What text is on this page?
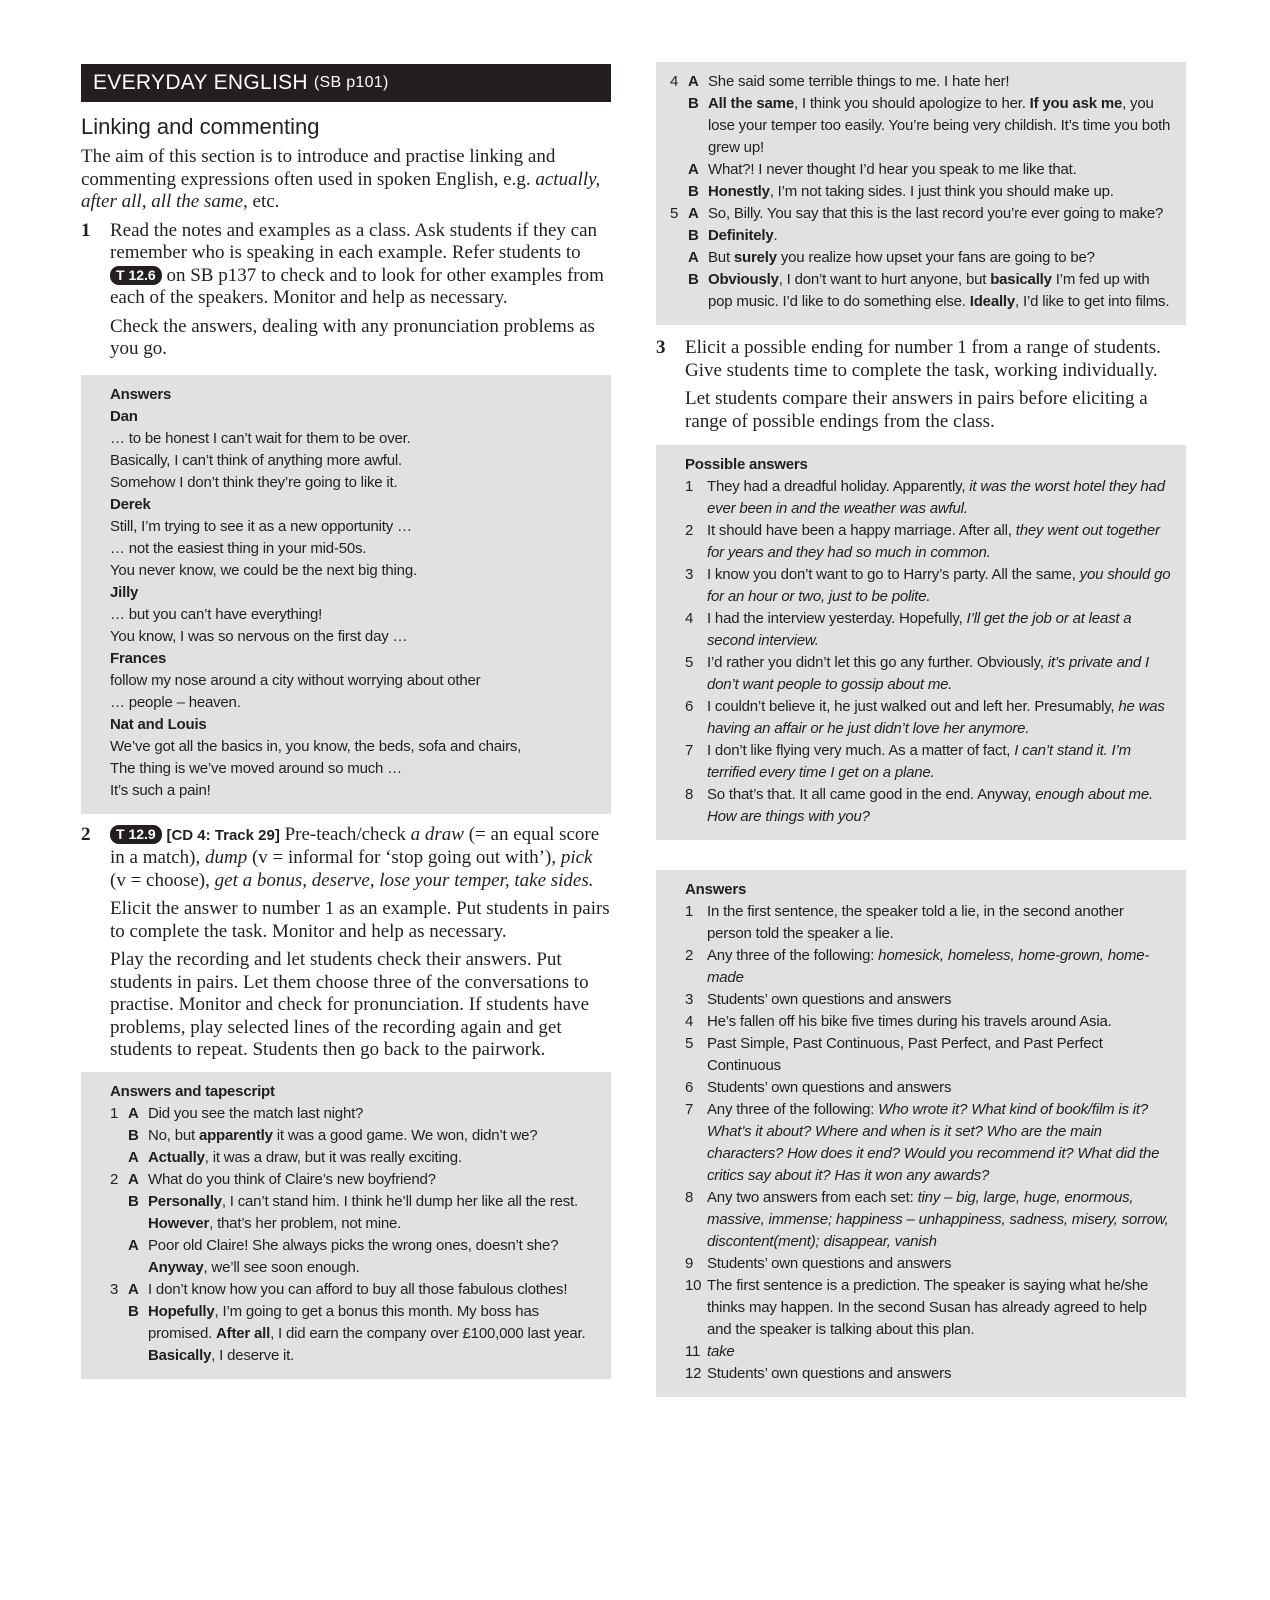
EVERYDAY ENGLISH (SB p101)
Linking and commenting

The aim of this section is to introduce and practise linking and commenting expressions often used in spoken English, e.g. actually, after all, all the same, etc.

1	Read the notes and examples as a class. Ask students if they can remember who is speaking in each example. Refer students to T 12.6 on SB p137 to check and to look for other examples from each of the speakers. Monitor and help as necessary.

Check the answers, dealing with any pronunciation problems as you go.

Answers
Dan
… to be honest I can’t wait for them to be over.
Basically, I can’t think of anything more awful.
Somehow I don’t think they’re going to like it.
Derek
Still, I’m trying to see it as a new opportunity …
… not the easiest thing in your mid-50s.
You never know, we could be the next big thing.
Jilly
… but you can’t have everything!
You know, I was so nervous on the first day …
Frances
follow my nose around a city without worrying about other
… people – heaven.
Nat and Louis
We’ve got all the basics in, you know, the beds, sofa and chairs,
The thing is we’ve moved around so much …
It’s such a pain!
2	T 12.9 [CD 4: Track 29] Pre-teach/check a draw (= an equal score in a match), dump (v = informal for ‘stop going out with’), pick (v = choose), get a bonus, deserve, lose your temper, take sides.

Elicit the answer to number 1 as an example. Put students in pairs to complete the task. Monitor and help as necessary.

Play the recording and let students check their answers. Put students in pairs. Let them choose three of the conversations to practise. Monitor and check for pronunciation. If students have problems, play selected lines of the recording again and get students to repeat. Students then go back to the pairwork.

Answers and tapescript
1 A Did you see the match last night?
B No, but apparently it was a good game. We won, didn’t we?
A Actually, it was a draw, but it was really exciting.
2 A What do you think of Claire’s new boyfriend?
B Personally, I can’t stand him. I think he’ll dump her like all the rest. However, that’s her problem, not mine.
A Poor old Claire! She always picks the wrong ones, doesn’t she? Anyway, we’ll see soon enough.
3 A I don’t know how you can afford to buy all those fabulous clothes!
B Hopefully, I’m going to get a bonus this month. My boss has promised. After all, I did earn the company over £100,000 last year. Basically, I deserve it.
4 A She said some terrible things to me. I hate her!
B All the same, I think you should apologize to her. If you ask me, you lose your temper too easily. You’re being very childish. It’s time you both grew up!
A What?! I never thought I’d hear you speak to me like that.
B Honestly, I’m not taking sides. I just think you should make up.
5 A So, Billy. You say that this is the last record you’re ever going to make?
B Definitely.
A But surely you realize how upset your fans are going to be?
B Obviously, I don’t want to hurt anyone, but basically I’m fed up with pop music. I’d like to do something else. Ideally, I’d like to get into films.
3	Elicit a possible ending for number 1 from a range of students. Give students time to complete the task, working individually.

Let students compare their answers in pairs before eliciting a range of possible endings from the class.

Possible answers
1 They had a dreadful holiday. Apparently, it was the worst hotel they had ever been in and the weather was awful.
2 It should have been a happy marriage. After all, they went out together for years and they had so much in common.
3 I know you don’t want to go to Harry’s party. All the same, you should go for an hour or two, just to be polite.
4 I had the interview yesterday. Hopefully, I’ll get the job or at least a second interview.
5 I’d rather you didn’t let this go any further. Obviously, it’s private and I don’t want people to gossip about me.
6 I couldn’t believe it, he just walked out and left her. Presumably, he was having an affair or he just didn’t love her anymore.
7 I don’t like flying very much. As a matter of fact, I can’t stand it. I’m terrified every time I get on a plane.
8 So that’s that. It all came good in the end. Anyway, enough about me. How are things with you?
Answers
1 In the first sentence, the speaker told a lie, in the second another person told the speaker a lie.
2 Any three of the following: homesick, homeless, home-grown, home-made
3 Students’ own questions and answers
4 He’s fallen off his bike five times during his travels around Asia.
5 Past Simple, Past Continuous, Past Perfect, and Past Perfect Continuous
6 Students’ own questions and answers
7 Any three of the following: Who wrote it? What kind of book/film is it? What’s it about? Where and when is it set? Who are the main characters? How does it end? Would you recommend it? What did the critics say about it? Has it won any awards?
8 Any two answers from each set: tiny – big, large, huge, enormous, massive, immense; happiness – unhappiness, sadness, misery, sorrow, discontent(ment); disappear, vanish
9 Students’ own questions and answers
10 The first sentence is a prediction. The speaker is saying what he/she thinks may happen. In the second Susan has already agreed to help and the speaker is talking about this plan.
11 take
12 Students’ own questions and answers
